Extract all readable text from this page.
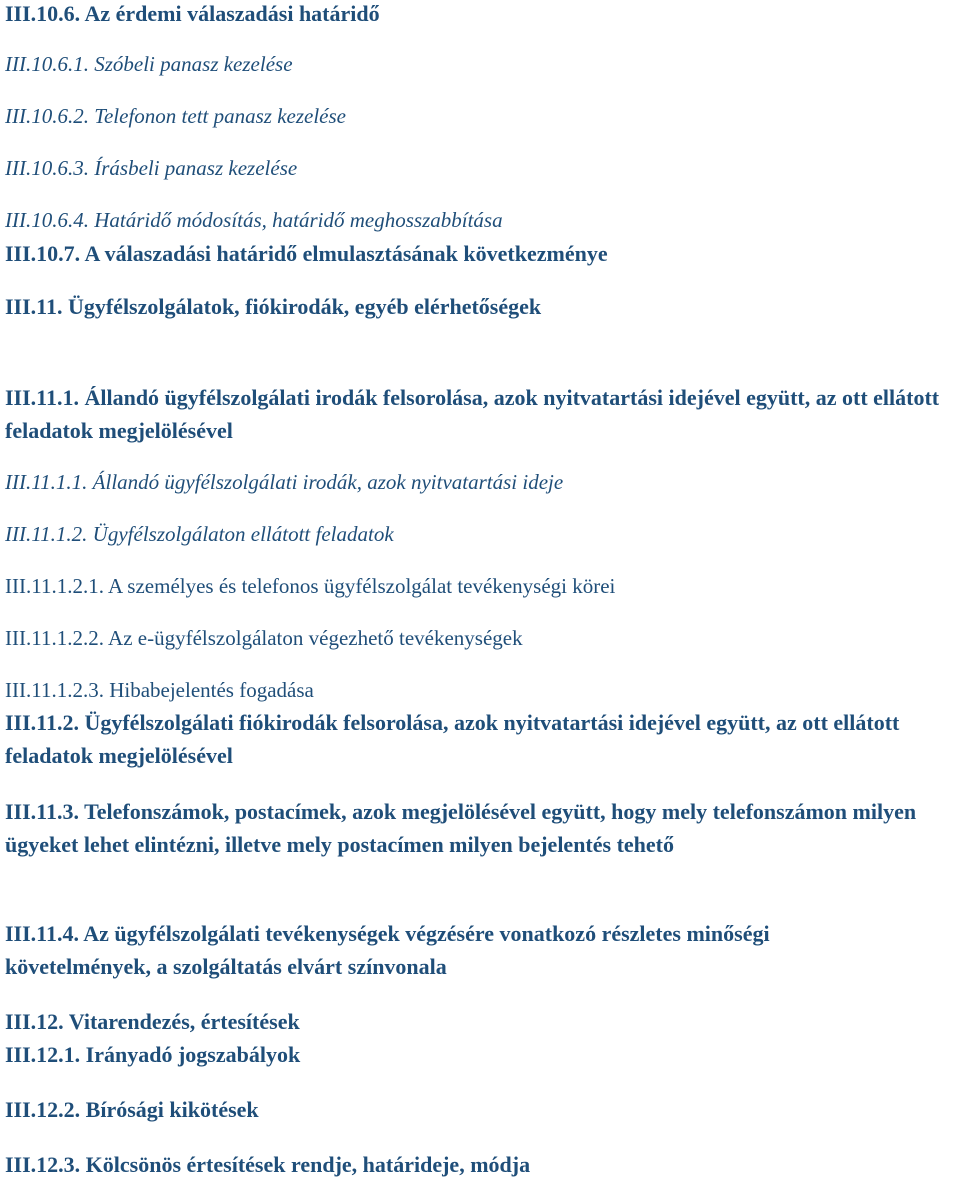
III.10.6. Az érdemi válaszadási határidő
III.10.6.1. Szóbeli panasz kezelése
III.10.6.2. Telefonon tett panasz kezelése
III.10.6.3. Írásbeli panasz kezelése
III.10.6.4. Határidő módosítás, határidő meghosszabbítása
III.10.7. A válaszadási határidő elmulasztásának következménye
III.11. Ügyfélszolgálatok, fiókirodák, egyéb elérhetőségek
III.11.1. Állandó ügyfélszolgálati irodák felsorolása, azok nyitvatartási idejével együtt, az ott ellátott feladatok megjelölésével
III.11.1.1. Állandó ügyfélszolgálati irodák, azok nyitvatartási ideje
III.11.1.2. Ügyfélszolgálaton ellátott feladatok
III.11.1.2.1. A személyes és telefonos ügyfélszolgálat tevékenységi körei
III.11.1.2.2. Az e-ügyfélszolgálaton végezhető tevékenységek
III.11.1.2.3. Hibabejelentés fogadása
III.11.2. Ügyfélszolgálati fiókirodák felsorolása, azok nyitvatartási idejével együtt, az ott ellátott feladatok megjelölésével
III.11.3. Telefonszámok, postacímek, azok megjelölésével együtt, hogy mely telefonszámon milyen ügyeket lehet elintézni, illetve mely postacímen milyen bejelentés tehető
III.11.4. Az ügyfélszolgálati tevékenységek végzésére vonatkozó részletes minőségi követelmények, a szolgáltatás elvárt színvonala
III.12. Vitarendezés, értesítések
III.12.1. Irányadó jogszabályok
III.12.2. Bírósági kikötések
III.12.3. Kölcsönös értesítések rendje, határideje, módja
